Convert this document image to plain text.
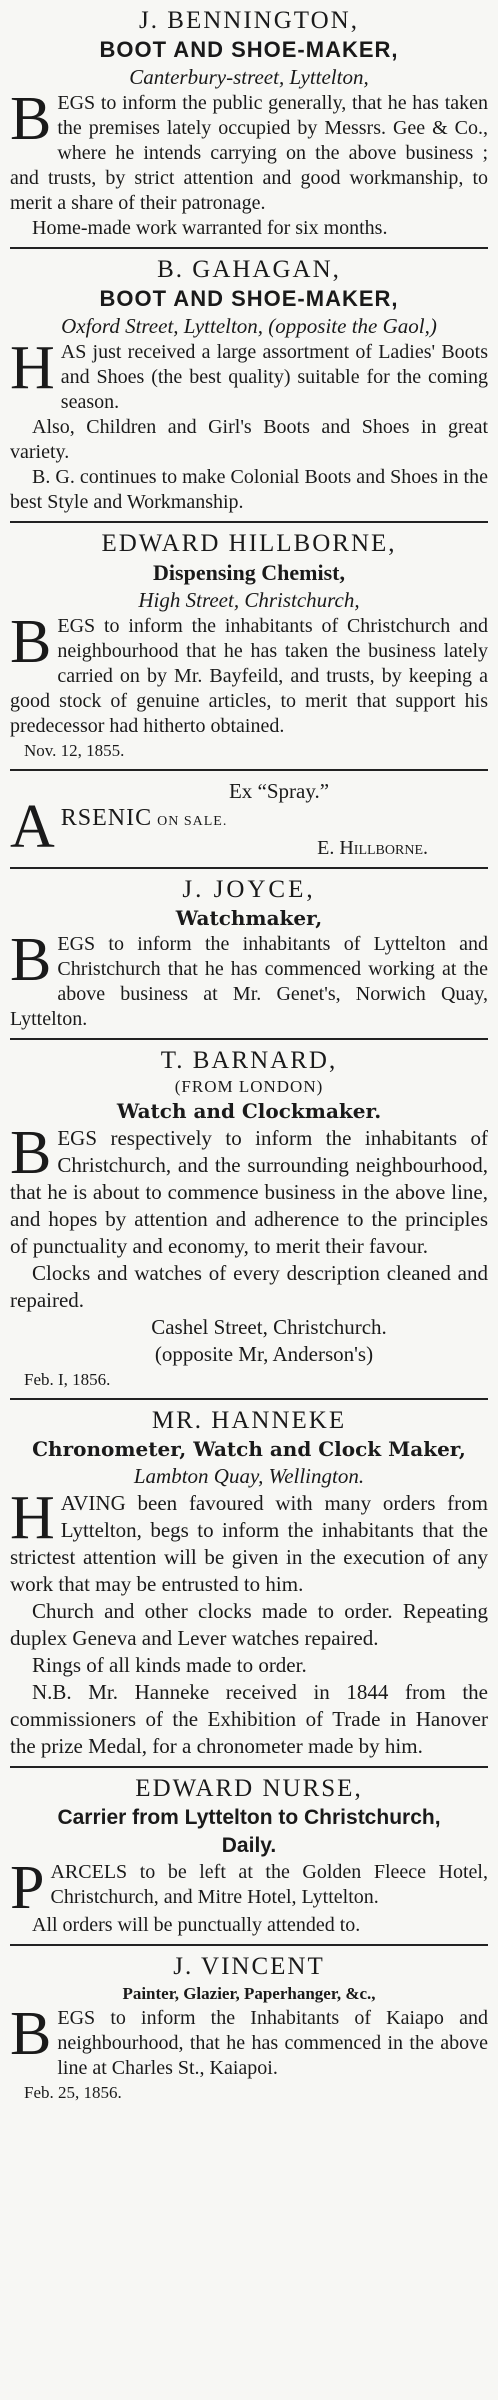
J. BENNINGTON,
BOOT AND SHOE-MAKER,
Canterbury-street, Lyttelton,
B EGS to inform the public generally, that he has taken the premises lately occupied by Messrs. Gee & Co., where he intends carrying on the above business ; and trusts, by strict attention and good workmanship, to merit a share of their patronage.

Home-made work warranted for six months.

B. GAHAGAN,
BOOT AND SHOE-MAKER,
Oxford Street, Lyttelton, (opposite the Gaol,)
H AS just received a large assortment of Ladies' Boots and Shoes (the best quality) suitable for the coming season.

Also, Children and Girl's Boots and Shoes in great variety.

B. G. continues to make Colonial Boots and Shoes in the best Style and Workmanship.

EDWARD HILLBORNE,
Dispensing Chemist,
High Street, Christchurch,
B EGS to inform the inhabitants of Christchurch and neighbourhood that he has taken the business lately carried on by Mr. Bayfeild, and trusts, by keeping a good stock of genuine articles, to merit that support his predecessor had hitherto obtained.

Nov. 12, 1855.
Ex “Spray.”
A RSENIC ON SALE.
E. Hillborne.
J. JOYCE,
Watchmaker,
B EGS to inform the inhabitants of Lyttelton and Christchurch that he has commenced working at the above business at Mr. Genet's, Norwich Quay, Lyttelton.

T. BARNARD,
(FROM LONDON)
Watch and Clockmaker.
B EGS respectively to inform the inhabitants of Christchurch, and the surrounding neighbourhood, that he is about to commence business in the above line, and hopes by attention and adherence to the principles of punctuality and economy, to merit their favour.

Clocks and watches of every description cleaned and repaired.

Cashel Street, Christchurch.
(opposite Mr, Anderson's)
Feb. I, 1856.
MR. HANNEKE
Chronometer, Watch and Clock Maker,
Lambton Quay, Wellington.
H AVING been favoured with many orders from Lyttelton, begs to inform the inhabitants that the strictest attention will be given in the execution of any work that may be entrusted to him.

Church and other clocks made to order. Repeating duplex Geneva and Lever watches repaired.

Rings of all kinds made to order.

N.B. Mr. Hanneke received in 1844 from the commissioners of the Exhibition of Trade in Hanover the prize Medal, for a chronometer made by him.

EDWARD NURSE,
Carrier from Lyttelton to Christchurch,
Daily.
P ARCELS to be left at the Golden Fleece Hotel, Christchurch, and Mitre Hotel, Lyttelton.

All orders will be punctually attended to.

J. VINCENT
Painter, Glazier, Paperhanger, &c.,
B EGS to inform the Inhabitants of Kaiapo and neighbourhood, that he has commenced in the above line at Charles St., Kaiapoi.

Feb. 25, 1856.
